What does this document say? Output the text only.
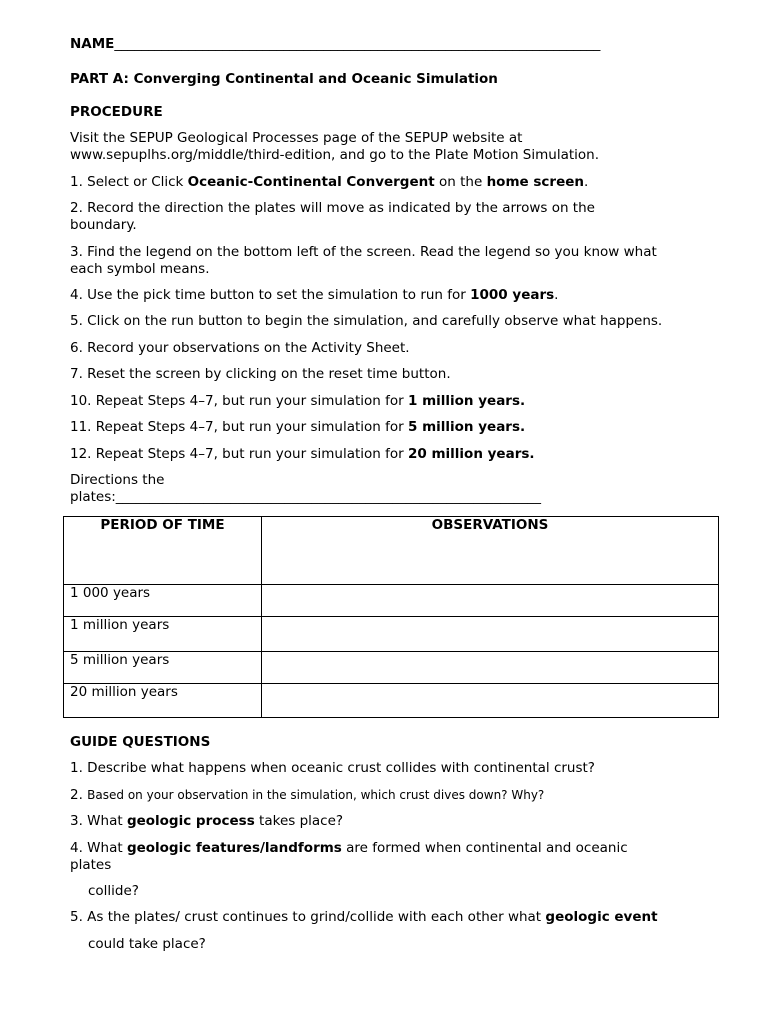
NAME________________________________________________________________________
PART A: Converging Continental and Oceanic Simulation
PROCEDURE
Visit the SEPUP Geological Processes page of the SEPUP website at
www.sepuplhs.org/middle/third-edition, and go to the Plate Motion Simulation.
1. Select or Click Oceanic-Continental Convergent on the home screen.
2. Record the direction the plates will move as indicated by the arrows on the
boundary.
3. Find the legend on the bottom left of the screen. Read the legend so you know what
each symbol means.
4. Use the pick time button to set the simulation to run for 1000 years.
5. Click on the run button to begin the simulation, and carefully observe what happens.
6. Record your observations on the Activity Sheet.
7. Reset the screen by clicking on the reset time button.
10. Repeat Steps 4–7, but run your simulation for 1 million years.
11. Repeat Steps 4–7, but run your simulation for 5 million years.
12. Repeat Steps 4–7, but run your simulation for 20 million years.
Directions the
plates:_______________________________________________________________
PERIOD OF TIME	OBSERVATIONS
1 000 years	
1 million years	
5 million years	
20 million years	
GUIDE QUESTIONS
1. Describe what happens when oceanic crust collides with continental crust?
2. Based on your observation in the simulation, which crust dives down? Why?
3. What geologic process takes place?
4. What geologic features/landforms are formed when continental and oceanic
plates
collide?
5. As the plates/ crust continues to grind/collide with each other what geologic event
could take place?
